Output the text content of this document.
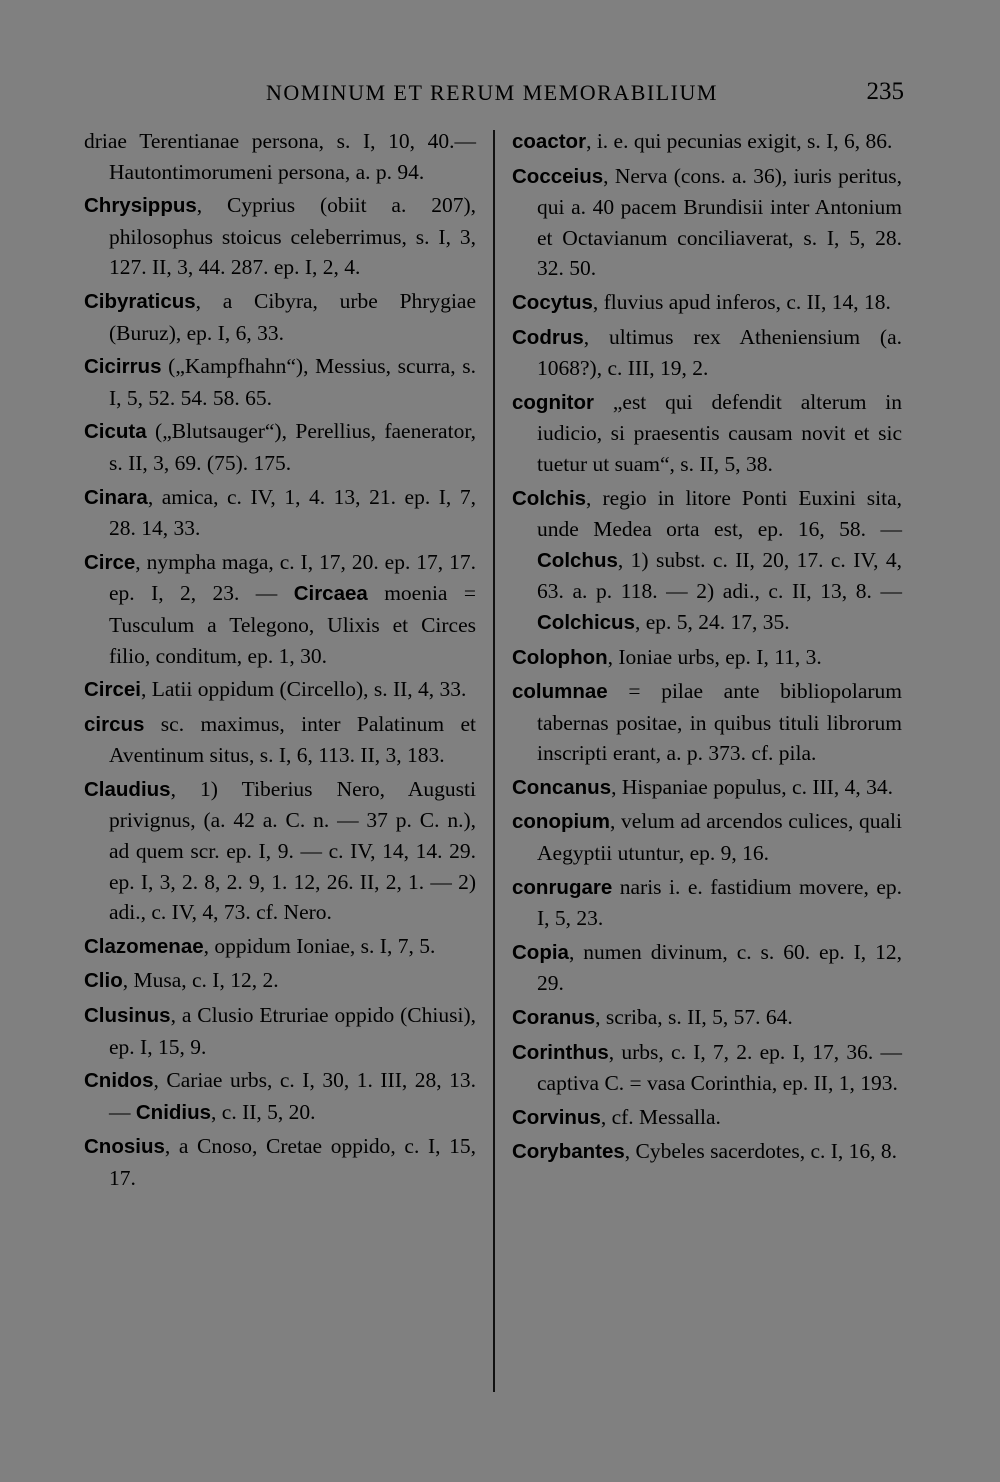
NOMINUM ET RERUM MEMORABILIUM	235

driae Terentianae persona, s. I, 10, 40.— Hautontimorumeni persona, a. p. 94.

Chrysippus, Cyprius (obiit a. 207), philosophus stoicus celeberrimus, s. I, 3, 127. II, 3, 44. 287. ep. I, 2, 4.

Cibyraticus, a Cibyra, urbe Phrygiae (Buruz), ep. I, 6, 33.

Cicirrus („Kampfhahn“), Messius, scurra, s. I, 5, 52. 54. 58. 65.

Cicuta („Blutsauger“), Perellius, faenerator, s. II, 3, 69. (75). 175.

Cinara, amica, c. IV, 1, 4. 13, 21. ep. I, 7, 28. 14, 33.

Circe, nympha maga, c. I, 17, 20. ep. 17, 17. ep. I, 2, 23. — Circaea moenia = Tusculum a Telegono, Ulixis et Circes filio, conditum, ep. 1, 30.

Circei, Latii oppidum (Circello), s. II, 4, 33.

circus sc. maximus, inter Palatinum et Aventinum situs, s. I, 6, 113. II, 3, 183.

Claudius, 1) Tiberius Nero, Augusti privignus, (a. 42 a. C. n. — 37 p. C. n.), ad quem scr. ep. I, 9. — c. IV, 14, 14. 29. ep. I, 3, 2. 8, 2. 9, 1. 12, 26. II, 2, 1. — 2) adi., c. IV, 4, 73. cf. Nero.

Clazomenae, oppidum Ioniae, s. I, 7, 5.

Clio, Musa, c. I, 12, 2.

Clusinus, a Clusio Etruriae oppido (Chiusi), ep. I, 15, 9.

Cnidos, Cariae urbs, c. I, 30, 1. III, 28, 13. — Cnidius, c. II, 5, 20.

Cnosius, a Cnoso, Cretae oppido, c. I, 15, 17.

coactor, i. e. qui pecunias exigit, s. I, 6, 86.

Cocceius, Nerva (cons. a. 36), iuris peritus, qui a. 40 pacem Brundisii inter Antonium et Octavianum conciliaverat, s. I, 5, 28. 32. 50.

Cocytus, fluvius apud inferos, c. II, 14, 18.

Codrus, ultimus rex Atheniensium (a. 1068?), c. III, 19, 2.

cognitor „est qui defendit alterum in iudicio, si praesentis causam novit et sic tuetur ut suam“, s. II, 5, 38.

Colchis, regio in litore Ponti Euxini sita, unde Medea orta est, ep. 16, 58. — Colchus, 1) subst. c. II, 20, 17. c. IV, 4, 63. a. p. 118. — 2) adi., c. II, 13, 8. — Colchicus, ep. 5, 24. 17, 35.

Colophon, Ioniae urbs, ep. I, 11, 3.

columnae = pilae ante bibliopolarum tabernas positae, in quibus tituli librorum inscripti erant, a. p. 373. cf. pila.

Concanus, Hispaniae populus, c. III, 4, 34.

conopium, velum ad arcendos culices, quali Aegyptii utuntur, ep. 9, 16.

conrugare naris i. e. fastidium movere, ep. I, 5, 23.

Copia, numen divinum, c. s. 60. ep. I, 12, 29.

Coranus, scriba, s. II, 5, 57. 64.

Corinthus, urbs, c. I, 7, 2. ep. I, 17, 36. — captiva C. = vasa Corinthia, ep. II, 1, 193.

Corvinus, cf. Messalla.

Corybantes, Cybeles sacerdotes, c. I, 16, 8.
